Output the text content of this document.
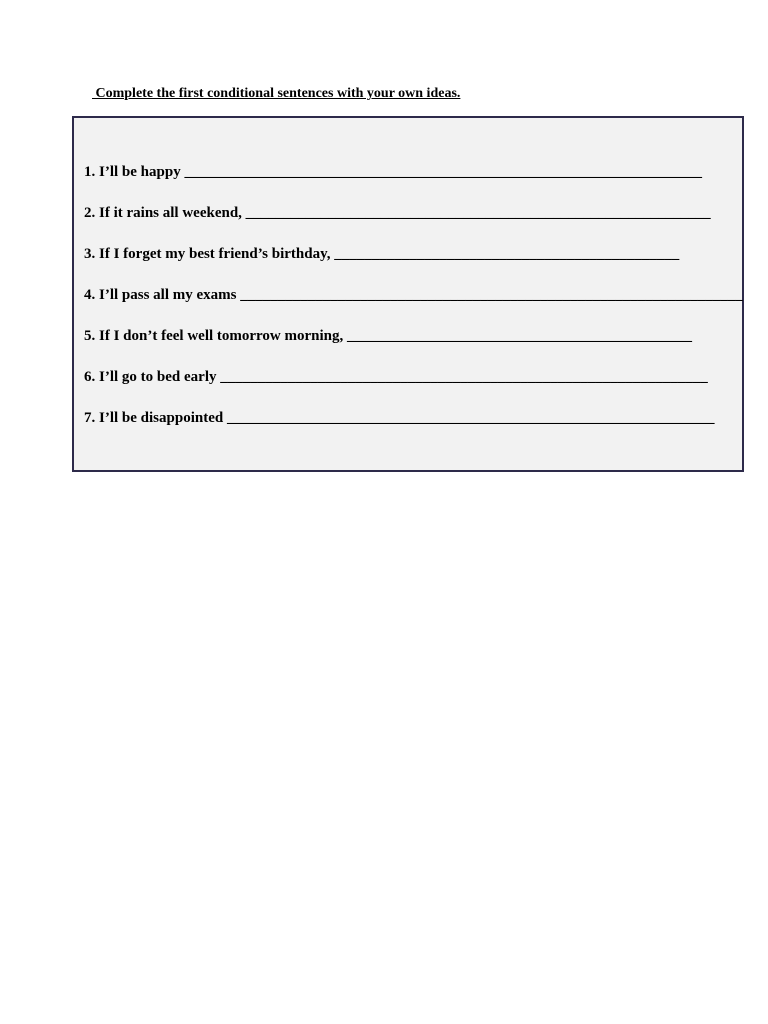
Complete the first conditional sentences with your own ideas.
1. I’ll be happy _____________________________________________________________________
2. If it rains all weekend, ______________________________________________________________
3. If I forget my best friend’s birthday, ______________________________________________
4. I’ll pass all my exams ___________________________________________________________________
5. If I don’t feel well tomorrow morning, ______________________________________________
6. I’ll go to bed early _________________________________________________________________
7. I’ll be disappointed _________________________________________________________________
